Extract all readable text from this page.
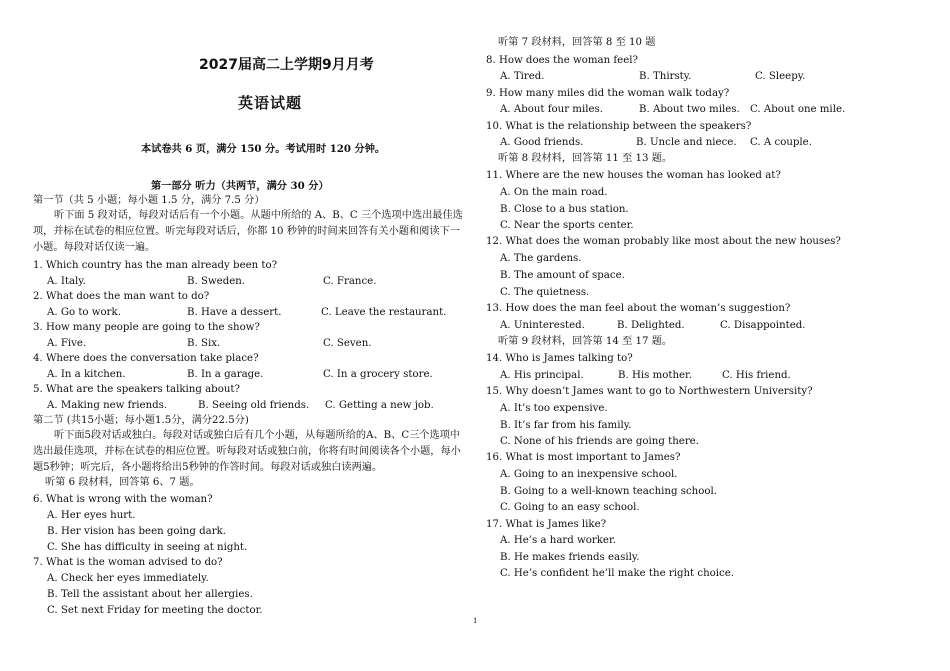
2027届高二上学期9月月考
英语试题
本试卷共 6 页，满分 150 分。考试用时 120 分钟。
第一部分 听力（共两节，满分 30 分）
第一节（共 5 小题；每小题 1.5 分，满分 7.5 分）
听下面 5 段对话，每段对话后有一个小题。从题中所给的 A、B、C 三个选项中选出最佳选项，并标在试卷的相应位置。听完每段对话后，你都 10 秒钟的时间来回答有关小题和阅读下一小题。每段对话仅读一遍。
1. Which country has the man already been to?
A. Italy.	B. Sweden.	C. France.
2. What does the man want to do?
A. Go to work.	B. Have a dessert.	C. Leave the restaurant.
3. How many people are going to the show?
A. Five.	B. Six.	C. Seven.
4. Where does the conversation take place?
A. In a kitchen.	B. In a garage.	C. In a grocery store.
5. What are the speakers talking about?
A. Making new friends.	B. Seeing old friends. C. Getting a new job.
第二节 (共15小题；每小题1.5分，满分22.5分)
听下面5段对话或独白。每段对话或独白后有几个小题，从每题所给的A、B、C三个选项中选出最佳选项，并标在试卷的相应位置。听每段对话或独白前，你将有时间阅读各个小题，每小题5秒钟；听完后，各小题将给出5秒钟的作答时间。每段对话或独白读两遍。
听第 6 段材料，回答第 6、7 题。
6. What is wrong with the woman?
A. Her eyes hurt.
B. Her vision has been going dark.
C. She has difficulty in seeing at night.
7. What is the woman advised to do?
A. Check her eyes immediately.
B. Tell the assistant about her allergies.
C. Set next Friday for meeting the doctor.
听第 7 段材料，回答第 8 至 10 题
8. How does the woman feel?
A. Tired.	B. Thirsty.	C. Sleepy.
9. How many miles did the woman walk today?
A. About four miles.	B. About two miles. C. About one mile.
10. What is the relationship between the speakers?
A. Good friends.	B. Uncle and niece. C. A couple.
听第 8 段材料，回答第 11 至 13 题。
11. Where are the new houses the woman has looked at?
A. On the main road.
B. Close to a bus station.
C. Near the sports center.
12. What does the woman probably like most about the new houses?
A. The gardens.
B. The amount of space.
C. The quietness.
13. How does the man feel about the woman’s suggestion?
A. Uninterested.	B. Delighted.	C. Disappointed.
听第 9 段材料，回答第 14 至 17 题。
14. Who is James talking to?
A. His principal.	B. His mother.	C. His friend.
15. Why doesn’t James want to go to Northwestern University?
A. It’s too expensive.
B. It’s far from his family.
C. None of his friends are going there.
16. What is most important to James?
A. Going to an inexpensive school.
B. Going to a well-known teaching school.
C. Going to an easy school.
17. What is James like?
A. He’s a hard worker.
B. He makes friends easily.
C. He’s confident he’ll make the right choice.
1
